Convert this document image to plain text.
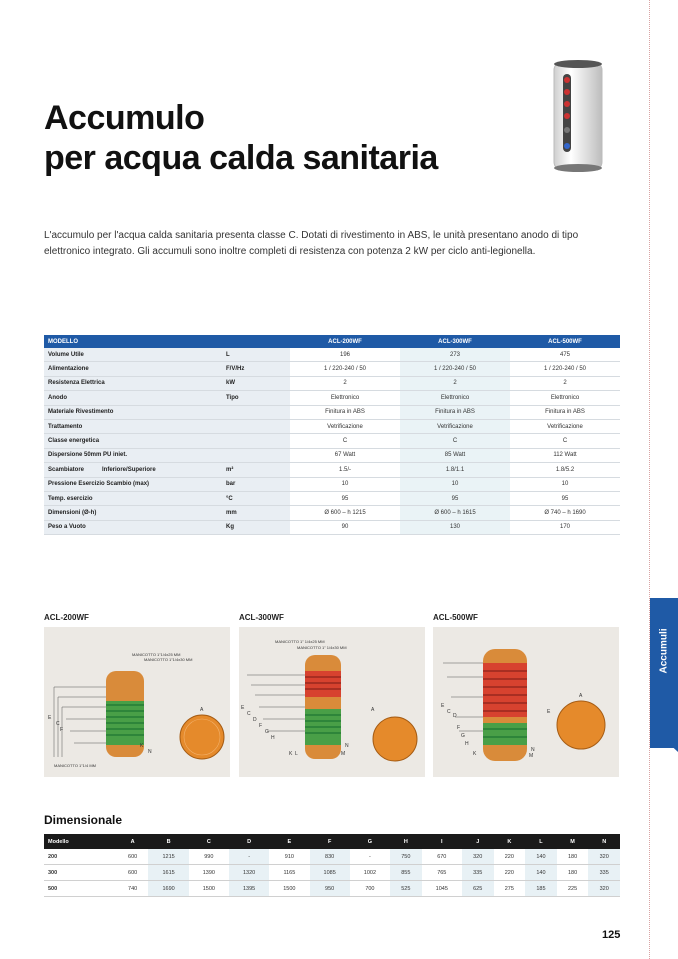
Accumulo
per acqua calda sanitaria
L'accumulo per l'acqua calda sanitaria presenta classe C. Dotati di rivestimento in ABS, le unità presentano anodo di tipo elettronico integrato. Gli accumuli sono inoltre completi di resistenza con potenza 2 kW per ciclo anti-legionella.
MODELLO		ACL-200WF	ACL-300WF	ACL-500WF
Volume Utile	L	196	273	475
Alimentazione	F/V/Hz	1 / 220-240 / 50	1 / 220-240 / 50	1 / 220-240 / 50
Resistenza Elettrica	kW	2	2	2
Anodo	Tipo	Elettronico	Elettronico	Elettronico
Materiale Rivestimento		Finitura in ABS	Finitura in ABS	Finitura in ABS
Trattamento		Vetrificazione	Vetrificazione	Vetrificazione
Classe energetica		C	C	C
Dispersione 50mm PU iniet.		67 Watt	85 Watt	112 Watt
Scambiatore Inferiore/Superiore	m²	1.5/-	1.8/1.1	1.8/5.2
Pressione Esercizio Scambio (max)	bar	10	10	10
Temp. esercizio	°C	95	95	95
Dimensioni (Ø-h)	mm	Ø 600 – h 1215	Ø 600 – h 1615	Ø 740 – h 1690
Peso a Vuoto	Kg	90	130	170
ACL-200WF	ACL-300WF	ACL-500WF
MANICOTTO 1"1/4x25 MM
MANICOTTO 1"1/4x30 MM
E
C
F
K
N
MANICOTTO 1"1/4 MM
A
MANICOTTO 1" 1/4x25 MM
MANICOTTO 1" 1/4x30 MM
E
C
D
F
G
H
K L
N
M
A
E
C
D
F
G
H
K
N
M
E
A
Accumuli
Dimensionale
Modello	A	B	C	D	E	F	G	H	I	J	K	L	M	N
200	600	1215	990	-	910	830	-	750	670	320	220	140	180	320
300	600	1615	1390	1320	1165	1085	1002	855	765	335	220	140	180	335
500	740	1690	1500	1395	1500	950	700	525	1045	625	275	185	225	320
125
